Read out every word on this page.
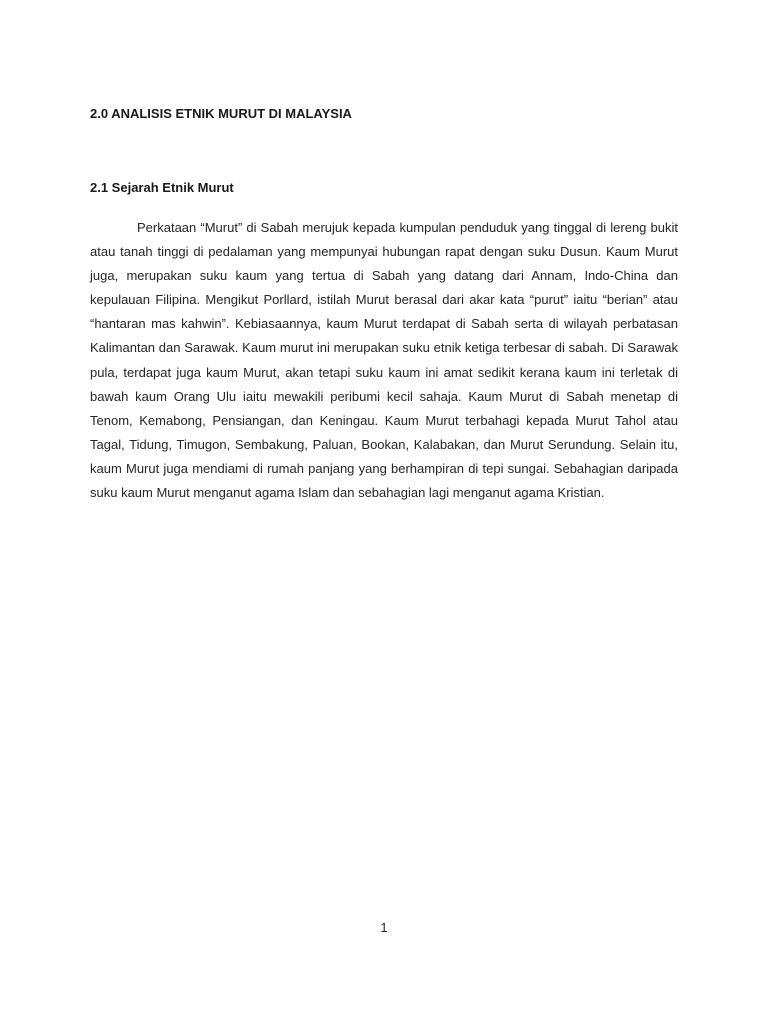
2.0 ANALISIS ETNIK MURUT DI MALAYSIA
2.1 Sejarah Etnik Murut

Perkataan “Murut” di Sabah merujuk kepada kumpulan penduduk yang tinggal di lereng bukit atau tanah tinggi di pedalaman yang mempunyai hubungan rapat dengan suku Dusun. Kaum Murut juga, merupakan suku kaum yang tertua di Sabah yang datang dari Annam, Indo-China dan kepulauan Filipina. Mengikut Porllard, istilah Murut berasal dari akar kata “purut” iaitu “berian” atau “hantaran mas kahwin”. Kebiasaannya, kaum Murut terdapat di Sabah serta di wilayah perbatasan Kalimantan dan Sarawak. Kaum murut ini merupakan suku etnik ketiga terbesar di sabah. Di Sarawak pula, terdapat juga kaum Murut, akan tetapi suku kaum ini amat sedikit kerana kaum ini terletak di bawah kaum Orang Ulu iaitu mewakili peribumi kecil sahaja. Kaum Murut di Sabah menetap di Tenom, Kemabong, Pensiangan, dan Keningau. Kaum Murut terbahagi kepada Murut Tahol atau Tagal, Tidung, Timugon, Sembakung, Paluan, Bookan, Kalabakan, dan Murut Serundung. Selain itu, kaum Murut juga mendiami di rumah panjang yang berhampiran di tepi sungai. Sebahagian daripada suku kaum Murut menganut agama Islam dan sebahagian lagi menganut agama Kristian.

1
